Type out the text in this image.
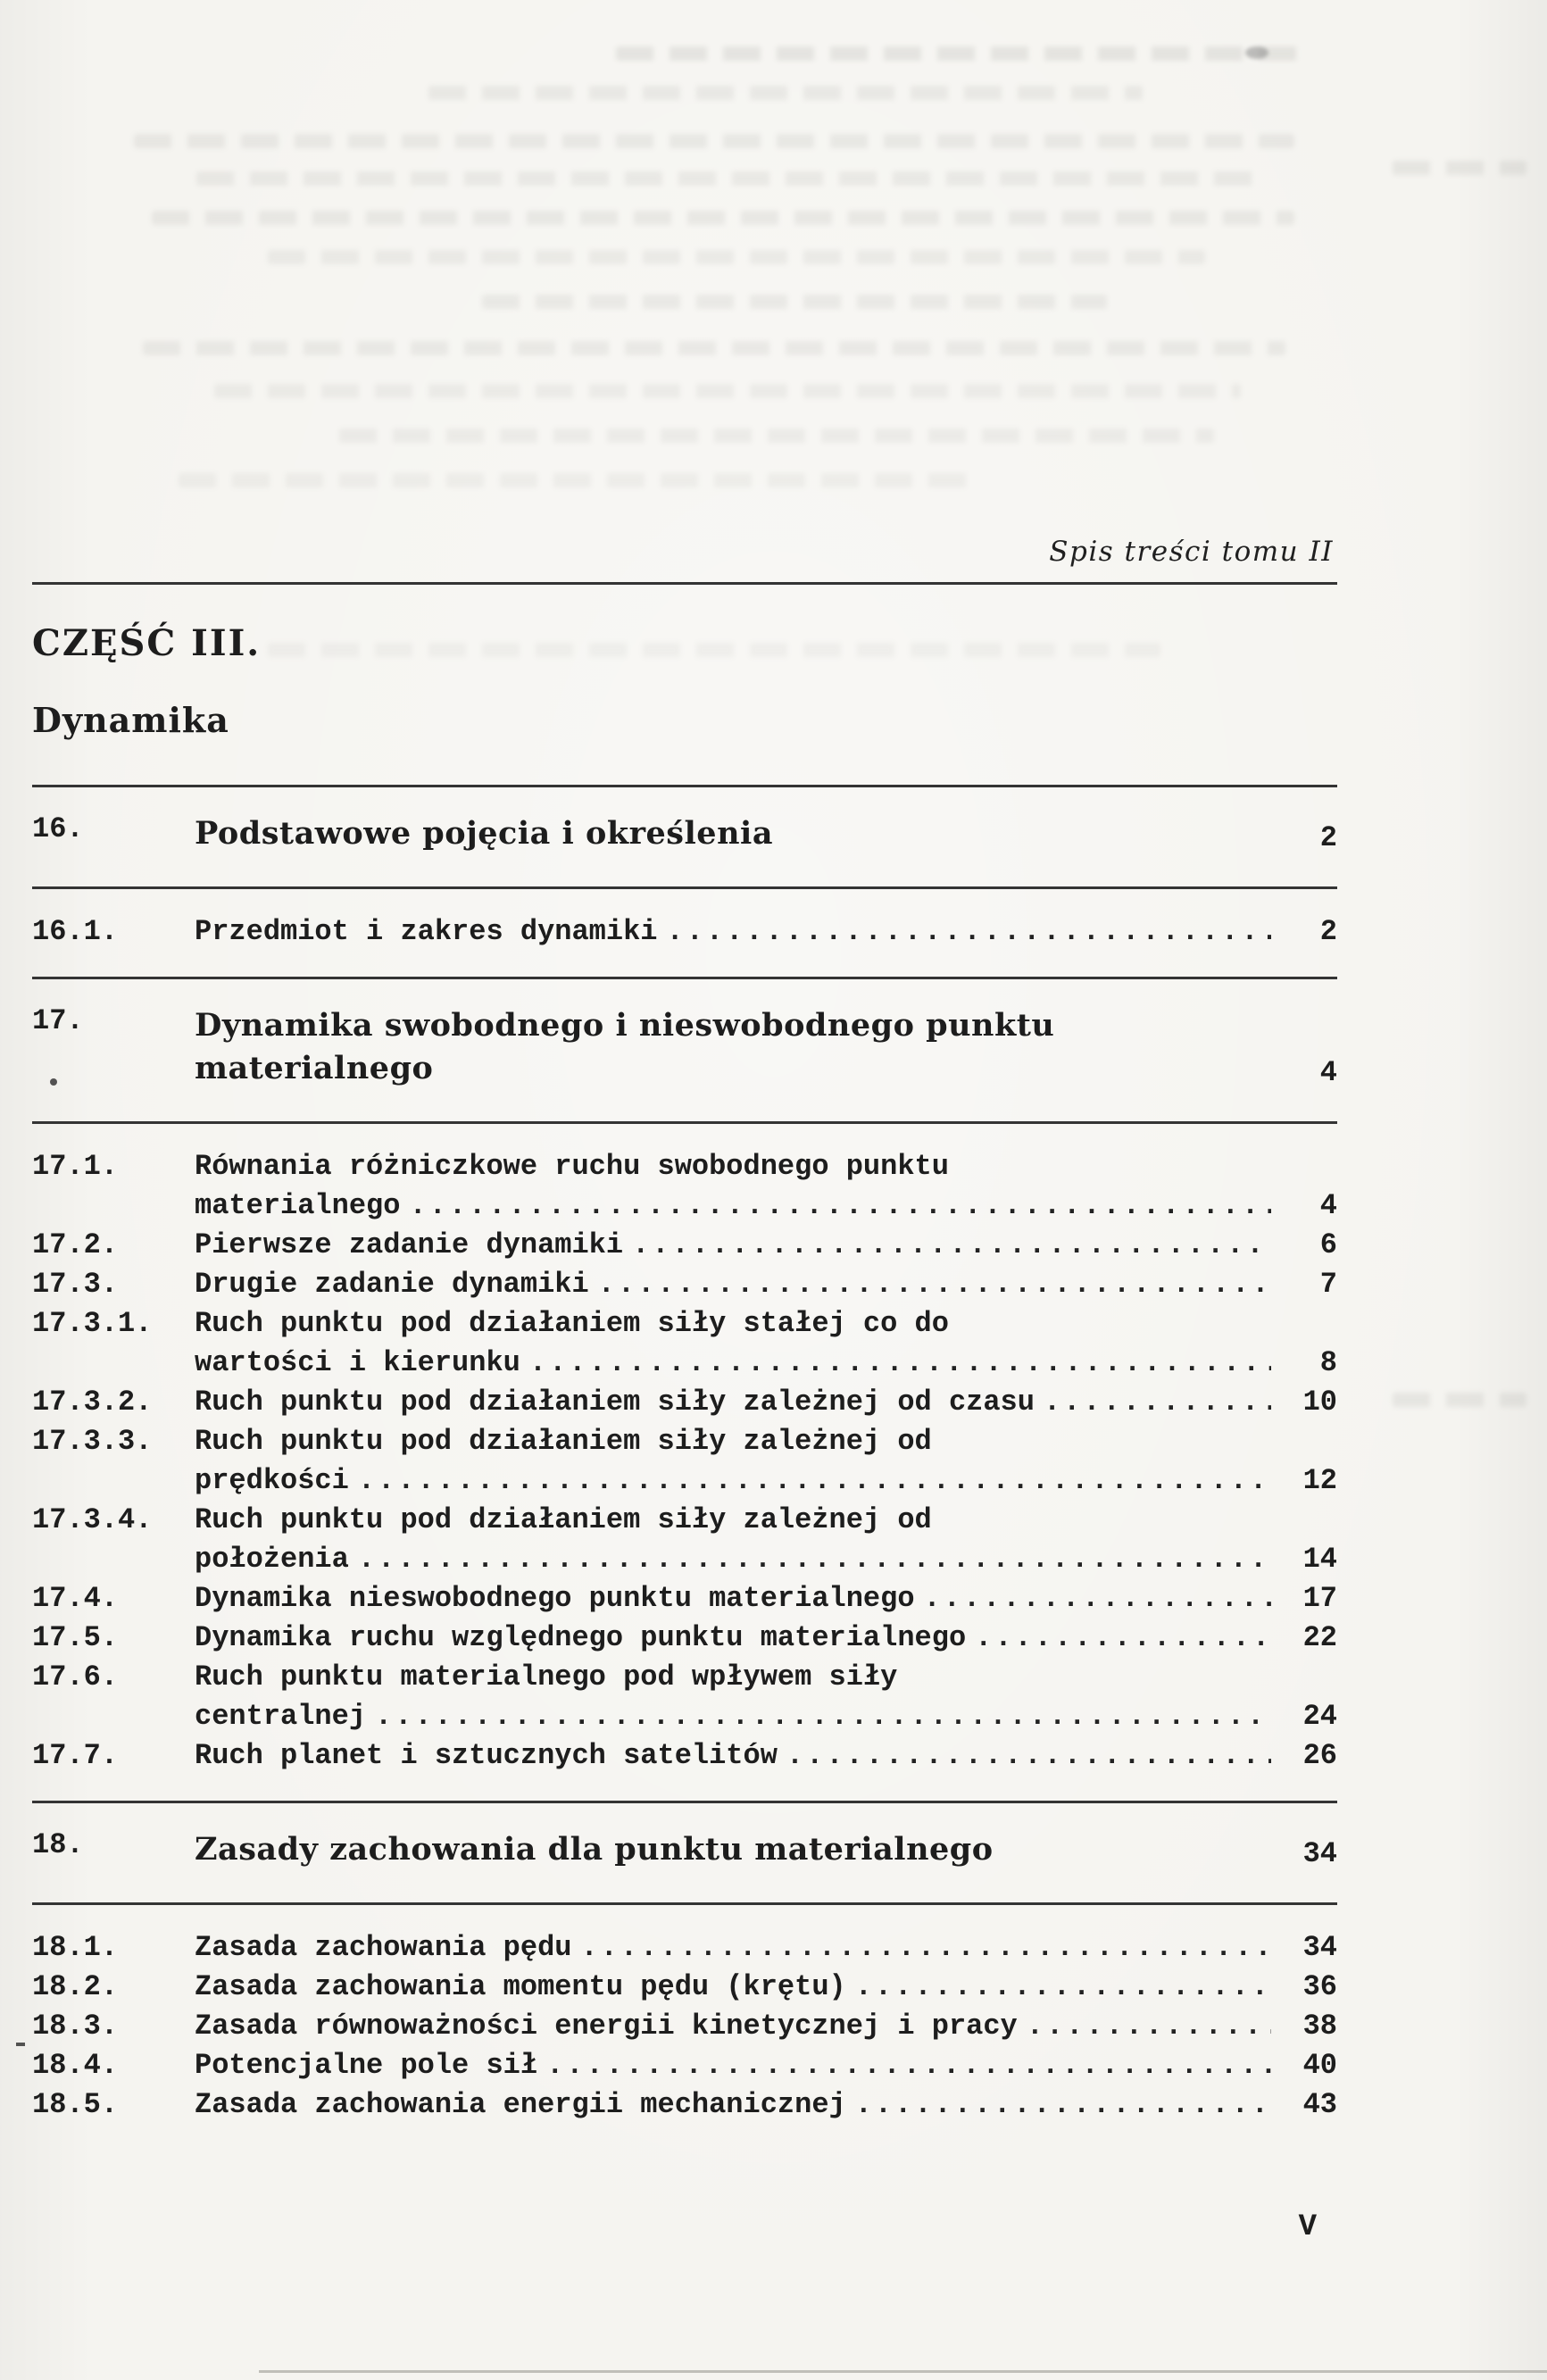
Spis treści tomu II
CZĘŚĆ III.
Dynamika
16.	Podstawowe pojęcia i określenia	2
16.1.	Przedmiot i zakres dynamiki .....	2
17.	Dynamika swobodnego i nieswobodnego punktu
materialnego	4
17.1.	Równania różniczkowe ruchu swobodnego punktu
materialnego .....	4
17.2.	Pierwsze zadanie dynamiki .....	6
17.3.	Drugie zadanie dynamiki .....	7
17.3.1.	Ruch punktu pod działaniem siły stałej co do
wartości i kierunku .....	8
17.3.2.	Ruch punktu pod działaniem siły zależnej od czasu .....	10
17.3.3.	Ruch punktu pod działaniem siły zależnej od
prędkości .....	12
17.3.4.	Ruch punktu pod działaniem siły zależnej od
położenia .....	14
17.4.	Dynamika nieswobodnego punktu materialnego .....	17
17.5.	Dynamika ruchu względnego punktu materialnego .....	22
17.6.	Ruch punktu materialnego pod wpływem siły
centralnej .....	24
17.7.	Ruch planet i sztucznych satelitów .....	26
18.	Zasady zachowania dla punktu materialnego	34
18.1.	Zasada zachowania pędu .....	34
18.2.	Zasada zachowania momentu pędu (krętu) .....	36
18.3.	Zasada równoważności energii kinetycznej i pracy .....	38
18.4.	Potencjalne pole sił .....	40
18.5.	Zasada zachowania energii mechanicznej .....	43
V
